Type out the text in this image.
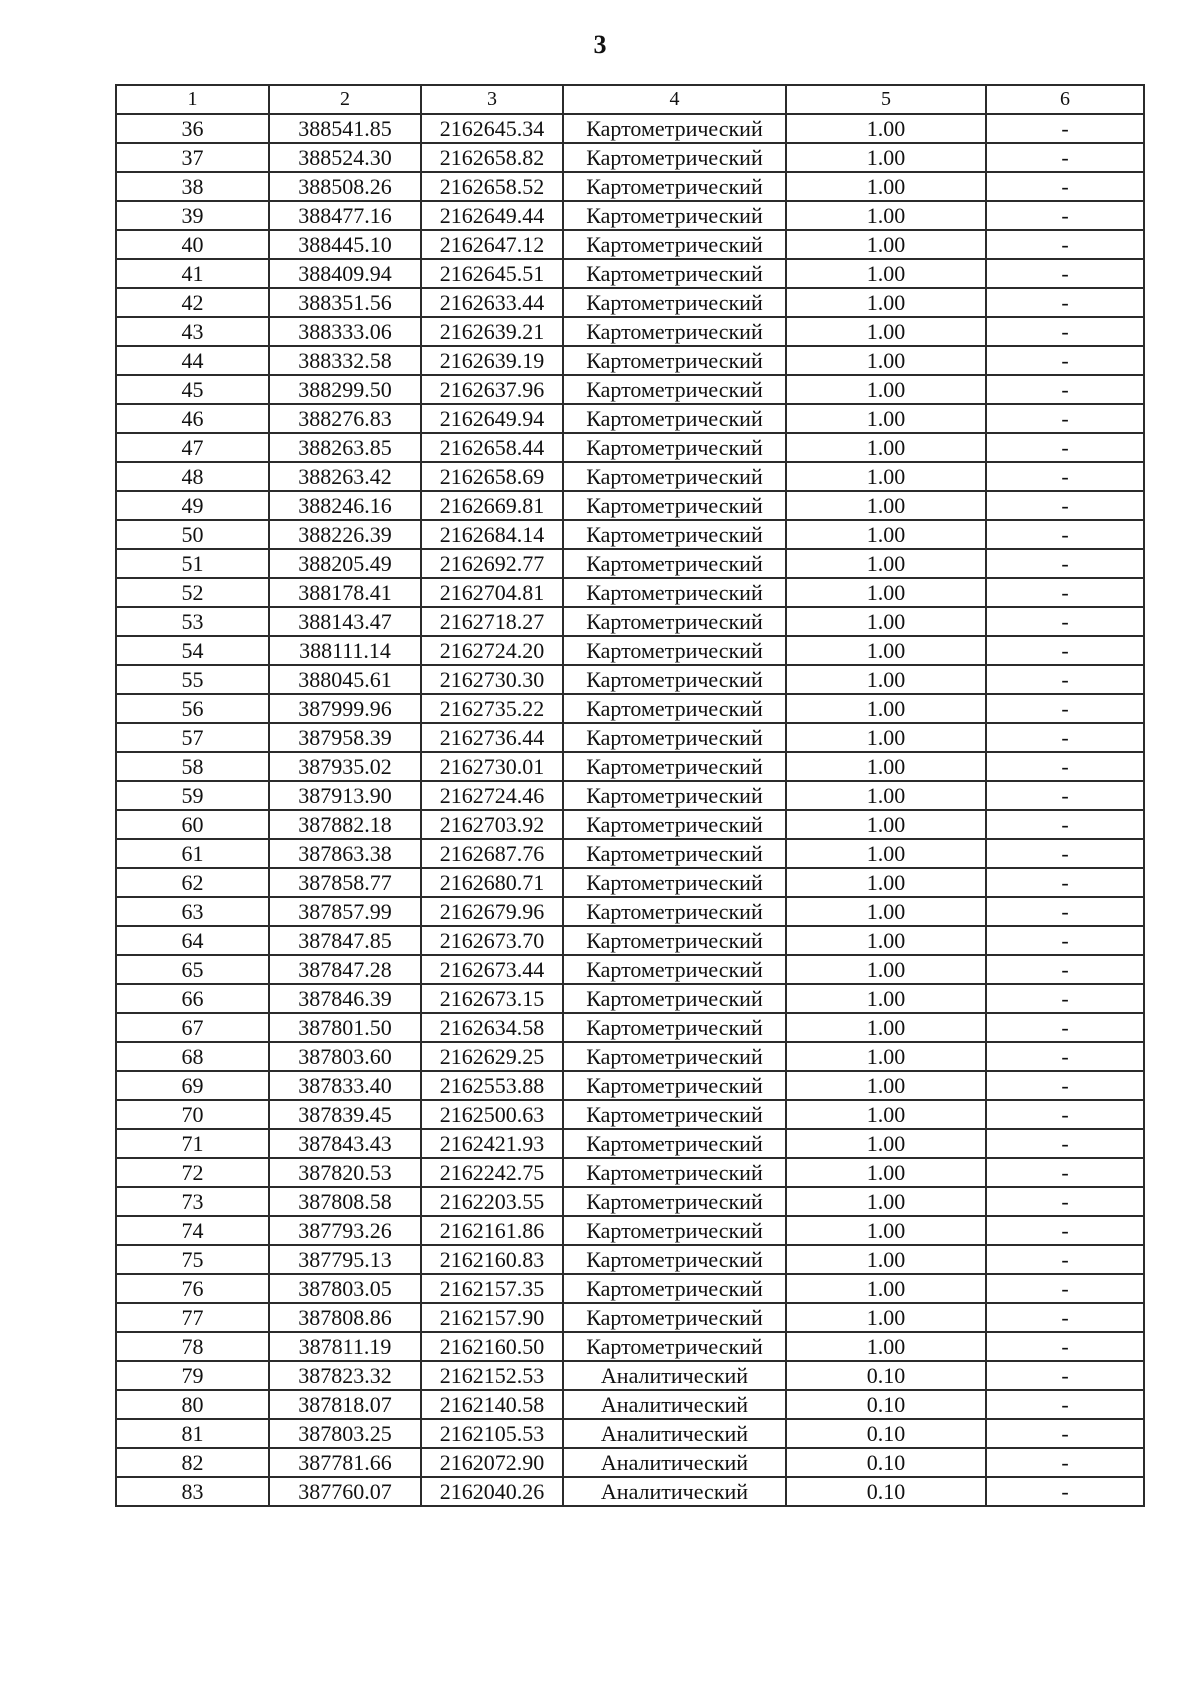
3
1	2	3	4	5	6
36	388541.85	2162645.34	Картометрический	1.00	-
37	388524.30	2162658.82	Картометрический	1.00	-
38	388508.26	2162658.52	Картометрический	1.00	-
39	388477.16	2162649.44	Картометрический	1.00	-
40	388445.10	2162647.12	Картометрический	1.00	-
41	388409.94	2162645.51	Картометрический	1.00	-
42	388351.56	2162633.44	Картометрический	1.00	-
43	388333.06	2162639.21	Картометрический	1.00	-
44	388332.58	2162639.19	Картометрический	1.00	-
45	388299.50	2162637.96	Картометрический	1.00	-
46	388276.83	2162649.94	Картометрический	1.00	-
47	388263.85	2162658.44	Картометрический	1.00	-
48	388263.42	2162658.69	Картометрический	1.00	-
49	388246.16	2162669.81	Картометрический	1.00	-
50	388226.39	2162684.14	Картометрический	1.00	-
51	388205.49	2162692.77	Картометрический	1.00	-
52	388178.41	2162704.81	Картометрический	1.00	-
53	388143.47	2162718.27	Картометрический	1.00	-
54	388111.14	2162724.20	Картометрический	1.00	-
55	388045.61	2162730.30	Картометрический	1.00	-
56	387999.96	2162735.22	Картометрический	1.00	-
57	387958.39	2162736.44	Картометрический	1.00	-
58	387935.02	2162730.01	Картометрический	1.00	-
59	387913.90	2162724.46	Картометрический	1.00	-
60	387882.18	2162703.92	Картометрический	1.00	-
61	387863.38	2162687.76	Картометрический	1.00	-
62	387858.77	2162680.71	Картометрический	1.00	-
63	387857.99	2162679.96	Картометрический	1.00	-
64	387847.85	2162673.70	Картометрический	1.00	-
65	387847.28	2162673.44	Картометрический	1.00	-
66	387846.39	2162673.15	Картометрический	1.00	-
67	387801.50	2162634.58	Картометрический	1.00	-
68	387803.60	2162629.25	Картометрический	1.00	-
69	387833.40	2162553.88	Картометрический	1.00	-
70	387839.45	2162500.63	Картометрический	1.00	-
71	387843.43	2162421.93	Картометрический	1.00	-
72	387820.53	2162242.75	Картометрический	1.00	-
73	387808.58	2162203.55	Картометрический	1.00	-
74	387793.26	2162161.86	Картометрический	1.00	-
75	387795.13	2162160.83	Картометрический	1.00	-
76	387803.05	2162157.35	Картометрический	1.00	-
77	387808.86	2162157.90	Картометрический	1.00	-
78	387811.19	2162160.50	Картометрический	1.00	-
79	387823.32	2162152.53	Аналитический	0.10	-
80	387818.07	2162140.58	Аналитический	0.10	-
81	387803.25	2162105.53	Аналитический	0.10	-
82	387781.66	2162072.90	Аналитический	0.10	-
83	387760.07	2162040.26	Аналитический	0.10	-
